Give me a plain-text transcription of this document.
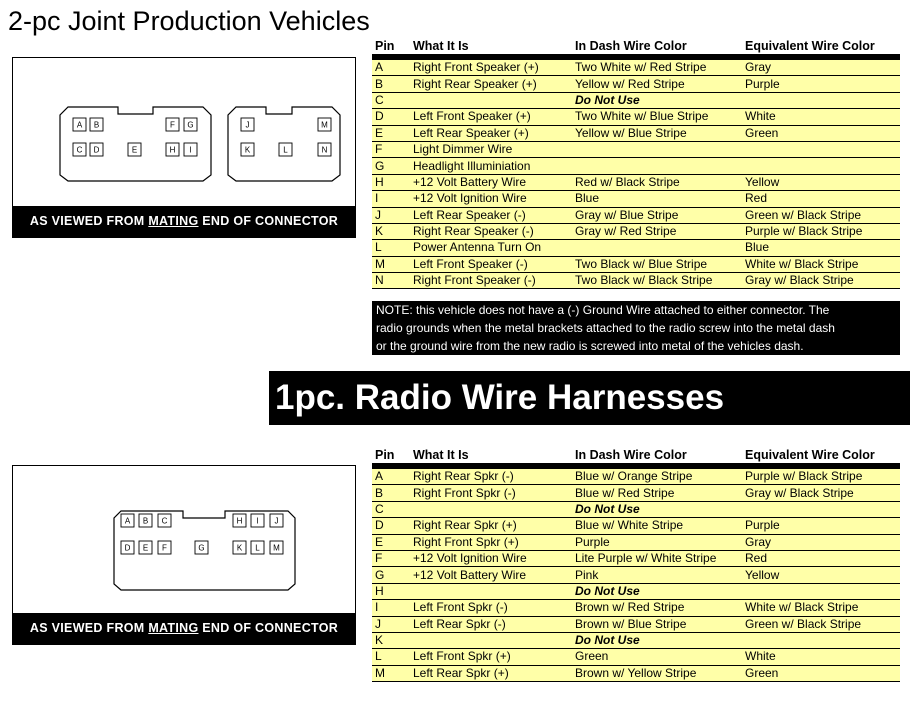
2-pc Joint Production Vehicles
A B	F G
C D	E	H I
J	M
K	L	N
AS VIEWED FROM MATING END OF CONNECTOR
Pin	What It Is	In Dash Wire Color	Equivalent Wire Color

A	Right Front Speaker (+)	Two White w/ Red Stripe	Gray
B	Right Rear Speaker (+)	Yellow w/ Red Stripe	Purple
C		Do Not Use	
D	Left Front Speaker (+)	Two White w/ Blue Stripe	White
E	Left Rear Speaker (+)	Yellow w/ Blue Stripe	Green
F	Light Dimmer Wire		
G	Headlight Illuminiation		
H	+12 Volt Battery Wire	Red w/ Black Stripe	Yellow
I	+12 Volt Ignition Wire	Blue	Red
J	Left Rear Speaker (-)	Gray w/ Blue Stripe	Green w/ Black Stripe
K	Right Rear Speaker (-)	Gray w/ Red Stripe	Purple w/ Black Stripe
L	Power Antenna Turn On		Blue
M	Left Front Speaker (-)	Two Black w/ Blue Stripe	White w/ Black Stripe
N	Right Front Speaker (-)	Two Black w/ Black Stripe	Gray w/ Black Stripe
NOTE: this vehicle does not have a (-) Ground Wire attached to either connector. The
radio grounds when the metal brackets attached to the radio screw into the metal dash
or the ground wire from the new radio is screwed into metal of the vehicles dash.
1pc. Radio Wire Harnesses
A B C	H I J
D E F	G	K L M
AS VIEWED FROM MATING END OF CONNECTOR
Pin	What It Is	In Dash Wire Color	Equivalent Wire Color

A	Right Rear Spkr (-)	Blue w/ Orange Stripe	Purple w/ Black Stripe
B	Right Front Spkr (-)	Blue w/ Red Stripe	Gray w/ Black Stripe
C		Do Not Use	
D	Right Rear Spkr (+)	Blue w/ White Stripe	Purple
E	Right Front Spkr (+)	Purple	Gray
F	+12 Volt Ignition Wire	Lite Purple w/ White Stripe	Red
G	+12 Volt Battery Wire	Pink	Yellow
H		Do Not Use	
I	Left Front Spkr (-)	Brown w/ Red Stripe	White w/ Black Stripe
J	Left Rear Spkr (-)	Brown w/ Blue Stripe	Green w/ Black Stripe
K		Do Not Use	
L	Left Front Spkr (+)	Green	White
M	Left Rear Spkr (+)	Brown w/ Yellow Stripe	Green
